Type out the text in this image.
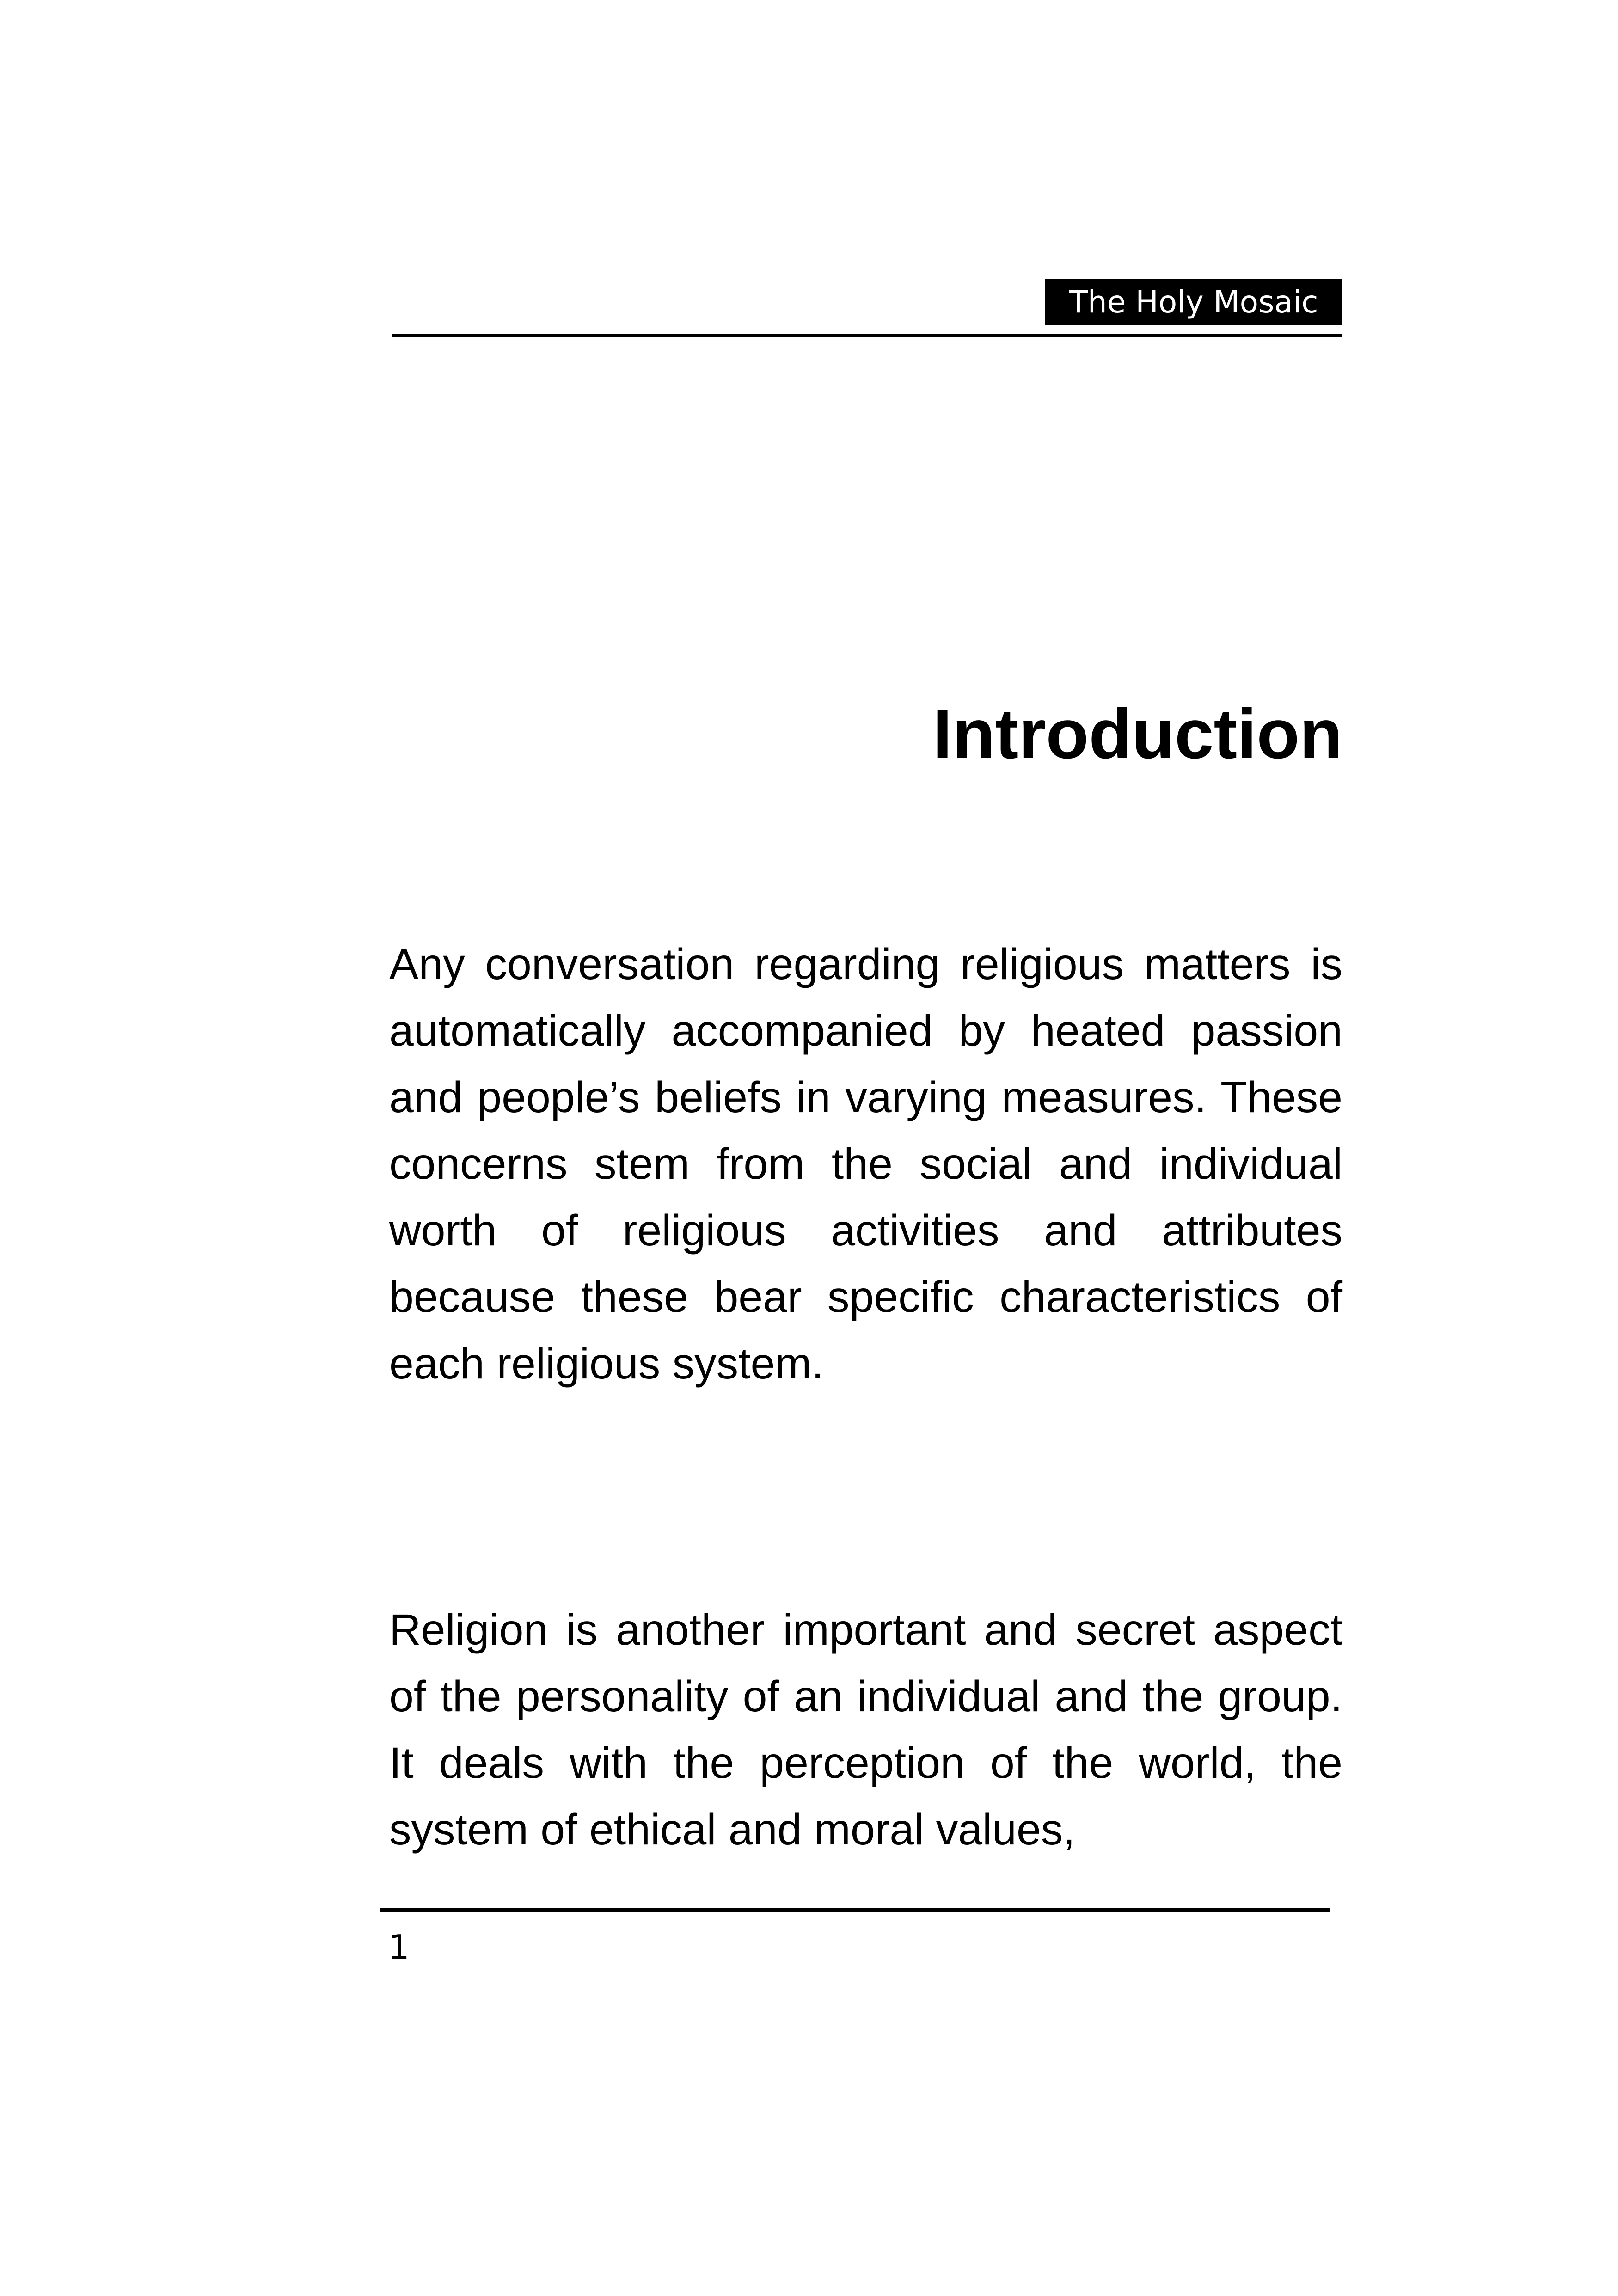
The Holy Mosaic
Introduction

Any conversation regarding religious matters is automatically accompanied by heated passion and people’s beliefs in varying measures. These concerns stem from the social and individual worth of religious activities and attributes because these bear specific characteristics of each religious system.

Religion is another important and secret aspect of the personality of an individual and the group. It deals with the perception of the world, the system of ethical and moral values,

1
